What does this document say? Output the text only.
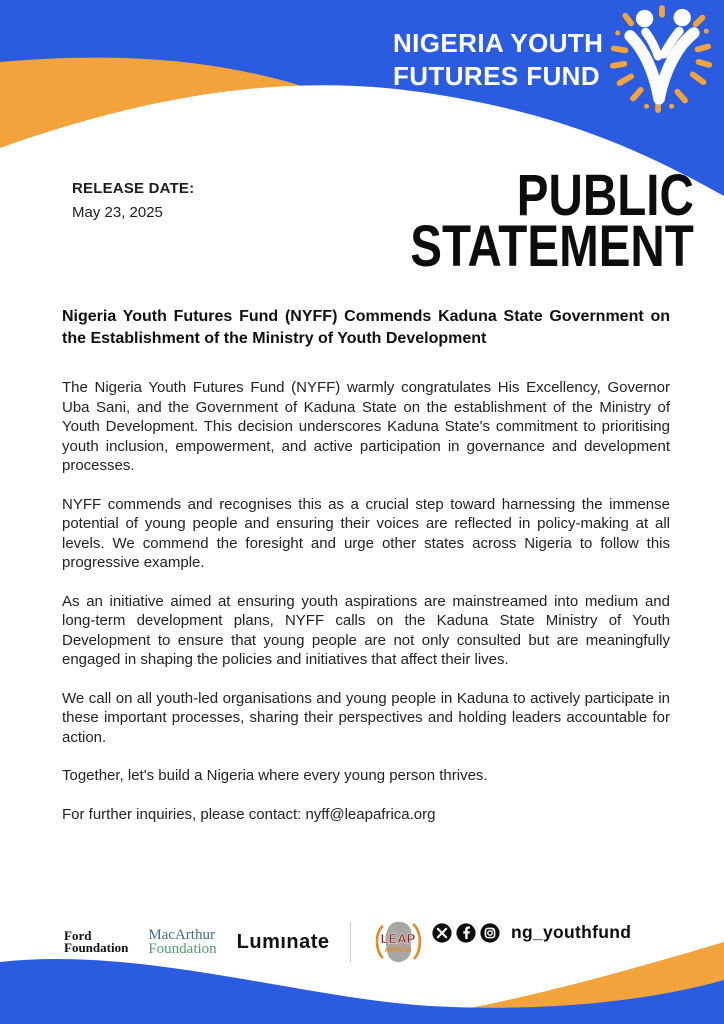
NIGERIA YOUTH
FUTURES FUND
RELEASE DATE:
May 23, 2025	PUBLIC
STATEMENT

Nigeria Youth Futures Fund (NYFF) Commends Kaduna State Government on the Establishment of the Ministry of Youth Development

The Nigeria Youth Futures Fund (NYFF) warmly congratulates His Excellency, Governor Uba Sani, and the Government of Kaduna State on the establishment of the Ministry of Youth Development. This decision underscores Kaduna State's commitment to prioritising youth inclusion, empowerment, and active participation in governance and development processes.

NYFF commends and recognises this as a crucial step toward harnessing the immense potential of young people and ensuring their voices are reflected in policy-making at all levels. We commend the foresight and urge other states across Nigeria to follow this progressive example.

As an initiative aimed at ensuring youth aspirations are mainstreamed into medium and long-term development plans, NYFF calls on the Kaduna State Ministry of Youth Development to ensure that young people are not only consulted but are meaningfully engaged in shaping the policies and initiatives that affect their lives.

We call on all youth-led organisations and young people in Kaduna to actively participate in these important processes, sharing their perspectives and holding leaders accountable for action.

Together, let's build a Nigeria where every young person thrives.

For further inquiries, please contact: nyff@leapafrica.org

Ford
Foundation
MacArthur
Foundation Lumınate	LEAP
AFRICA
ng_youthfund
